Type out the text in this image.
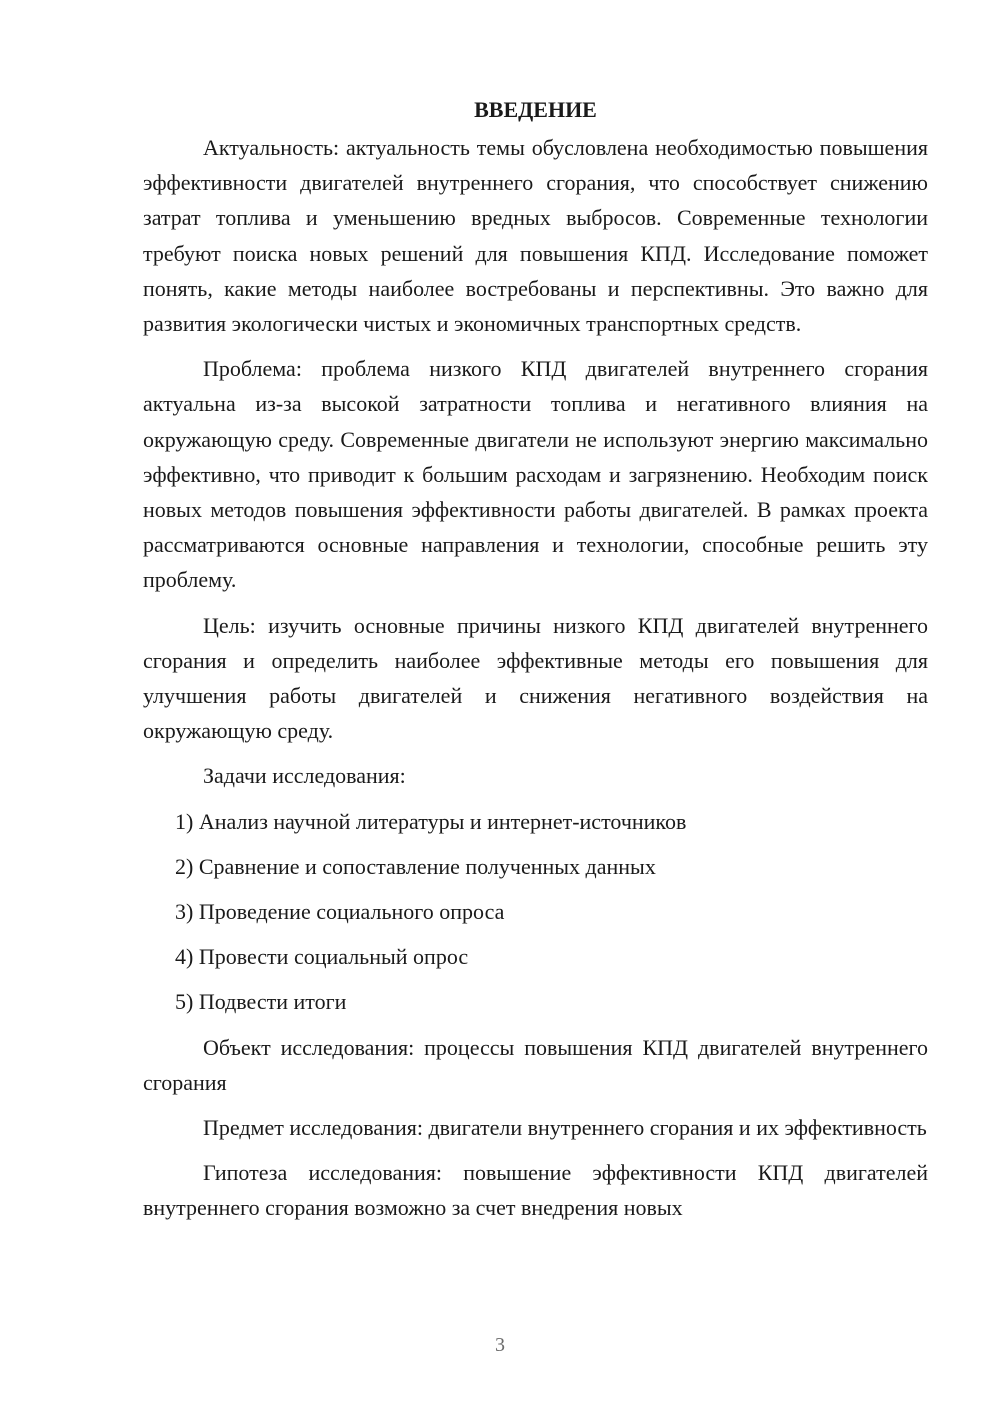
ВВЕДЕНИЕ

Актуальность: актуальность темы обусловлена необходимостью повышения эффективности двигателей внутреннего сгорания, что способствует снижению затрат топлива и уменьшению вредных выбросов. Современные технологии требуют поиска новых решений для повышения КПД. Исследование поможет понять, какие методы наиболее востребованы и перспективны. Это важно для развития экологически чистых и экономичных транспортных средств.

Проблема: проблема низкого КПД двигателей внутреннего сгорания актуальна из-за высокой затратности топлива и негативного влияния на окружающую среду. Современные двигатели не используют энергию максимально эффективно, что приводит к большим расходам и загрязнению. Необходим поиск новых методов повышения эффективности работы двигателей. В рамках проекта рассматриваются основные направления и технологии, способные решить эту проблему.

Цель: изучить основные причины низкого КПД двигателей внутреннего сгорания и определить наиболее эффективные методы его повышения для улучшения работы двигателей и снижения негативного воздействия на окружающую среду.

Задачи исследования:
1) Анализ научной литературы и интернет-источников
2) Сравнение и сопоставление полученных данных
3) Проведение социального опроса
4) Провести социальный опрос
5) Подвести итоги

Объект исследования: процессы повышения КПД двигателей внутреннего сгорания

Предмет исследования: двигатели внутреннего сгорания и их эффективность

Гипотеза исследования: повышение эффективности КПД двигателей внутреннего сгорания возможно за счет внедрения новых

3
